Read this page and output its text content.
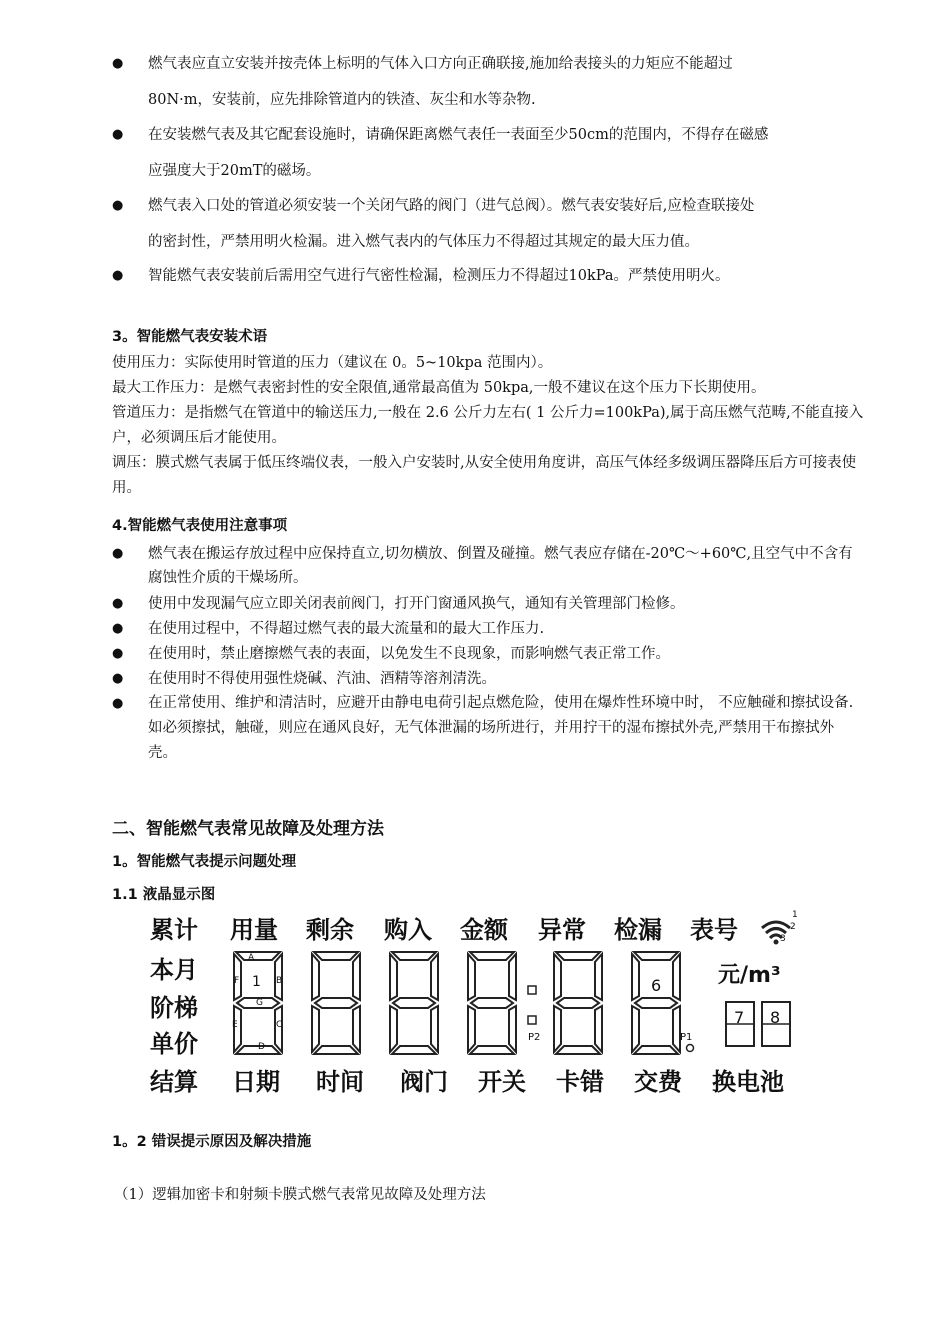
● 燃气表应直立安装并按壳体上标明的气体入口方向正确联接,施加给表接头的力矩应不能超过
80N·m，安装前，应先排除管道内的铁渣、灰尘和水等杂物.
● 在安装燃气表及其它配套设施时，请确保距离燃气表任一表面至少50cm的范围内，不得存在磁感
应强度大于20mT的磁场。
● 燃气表入口处的管道必须安装一个关闭气路的阀门（进气总阀）。燃气表安装好后,应检查联接处
的密封性，严禁用明火检漏。进入燃气表内的气体压力不得超过其规定的最大压力值。
● 智能燃气表安装前后需用空气进行气密性检漏，检测压力不得超过10kPa。严禁使用明火。
3。智能燃气表安装术语
使用压力：实际使用时管道的压力（建议在 0。5~10kpa 范围内）。
最大工作压力：是燃气表密封性的安全限值,通常最高值为 50kpa,一般不建议在这个压力下长期使用。
管道压力：是指燃气在管道中的输送压力,一般在 2.6 公斤力左右( 1 公斤力=100kPa),属于高压燃气范畴,不能直接入户，必须调压后才能使用。
调压：膜式燃气表属于低压终端仪表，一般入户安装时,从安全使用角度讲，高压气体经多级调压器降压后方可接表使用。
4.智能燃气表使用注意事项
● 燃气表在搬运存放过程中应保持直立,切勿横放、倒置及碰撞。燃气表应存储在-20℃～+60℃,且空气中不含有腐蚀性介质的干燥场所。
● 使用中发现漏气应立即关闭表前阀门，打开门窗通风换气，通知有关管理部门检修。
● 在使用过程中，不得超过燃气表的最大流量和的最大工作压力.
● 在使用时，禁止磨擦燃气表的表面，以免发生不良现象，而影响燃气表正常工作。
● 在使用时不得使用强性烧碱、汽油、酒精等溶剂清洗。
● 在正常使用、维护和清洁时，应避开由静电电荷引起点燃危险，使用在爆炸性环境中时， 不应触碰和擦拭设备.如必须擦拭，触碰，则应在通风良好，无气体泄漏的场所进行，并用拧干的湿布擦拭外壳,严禁用干布擦拭外壳。
二、智能燃气表常见故障及处理方法
1。智能燃气表提示问题处理
1.1 液晶显示图
累计 用量 剩余 购入 金额 异常 检漏 表号
1
2
3
本月
阶梯
单价
A
B
C
D
E
F
G
1	6
P1
P2
元/m³
7 8
结算 日期 时间 阀门 开关 卡错 交费 换电池
1。2 错误提示原因及解决措施
（1）逻辑加密卡和射频卡膜式燃气表常见故障及处理方法
